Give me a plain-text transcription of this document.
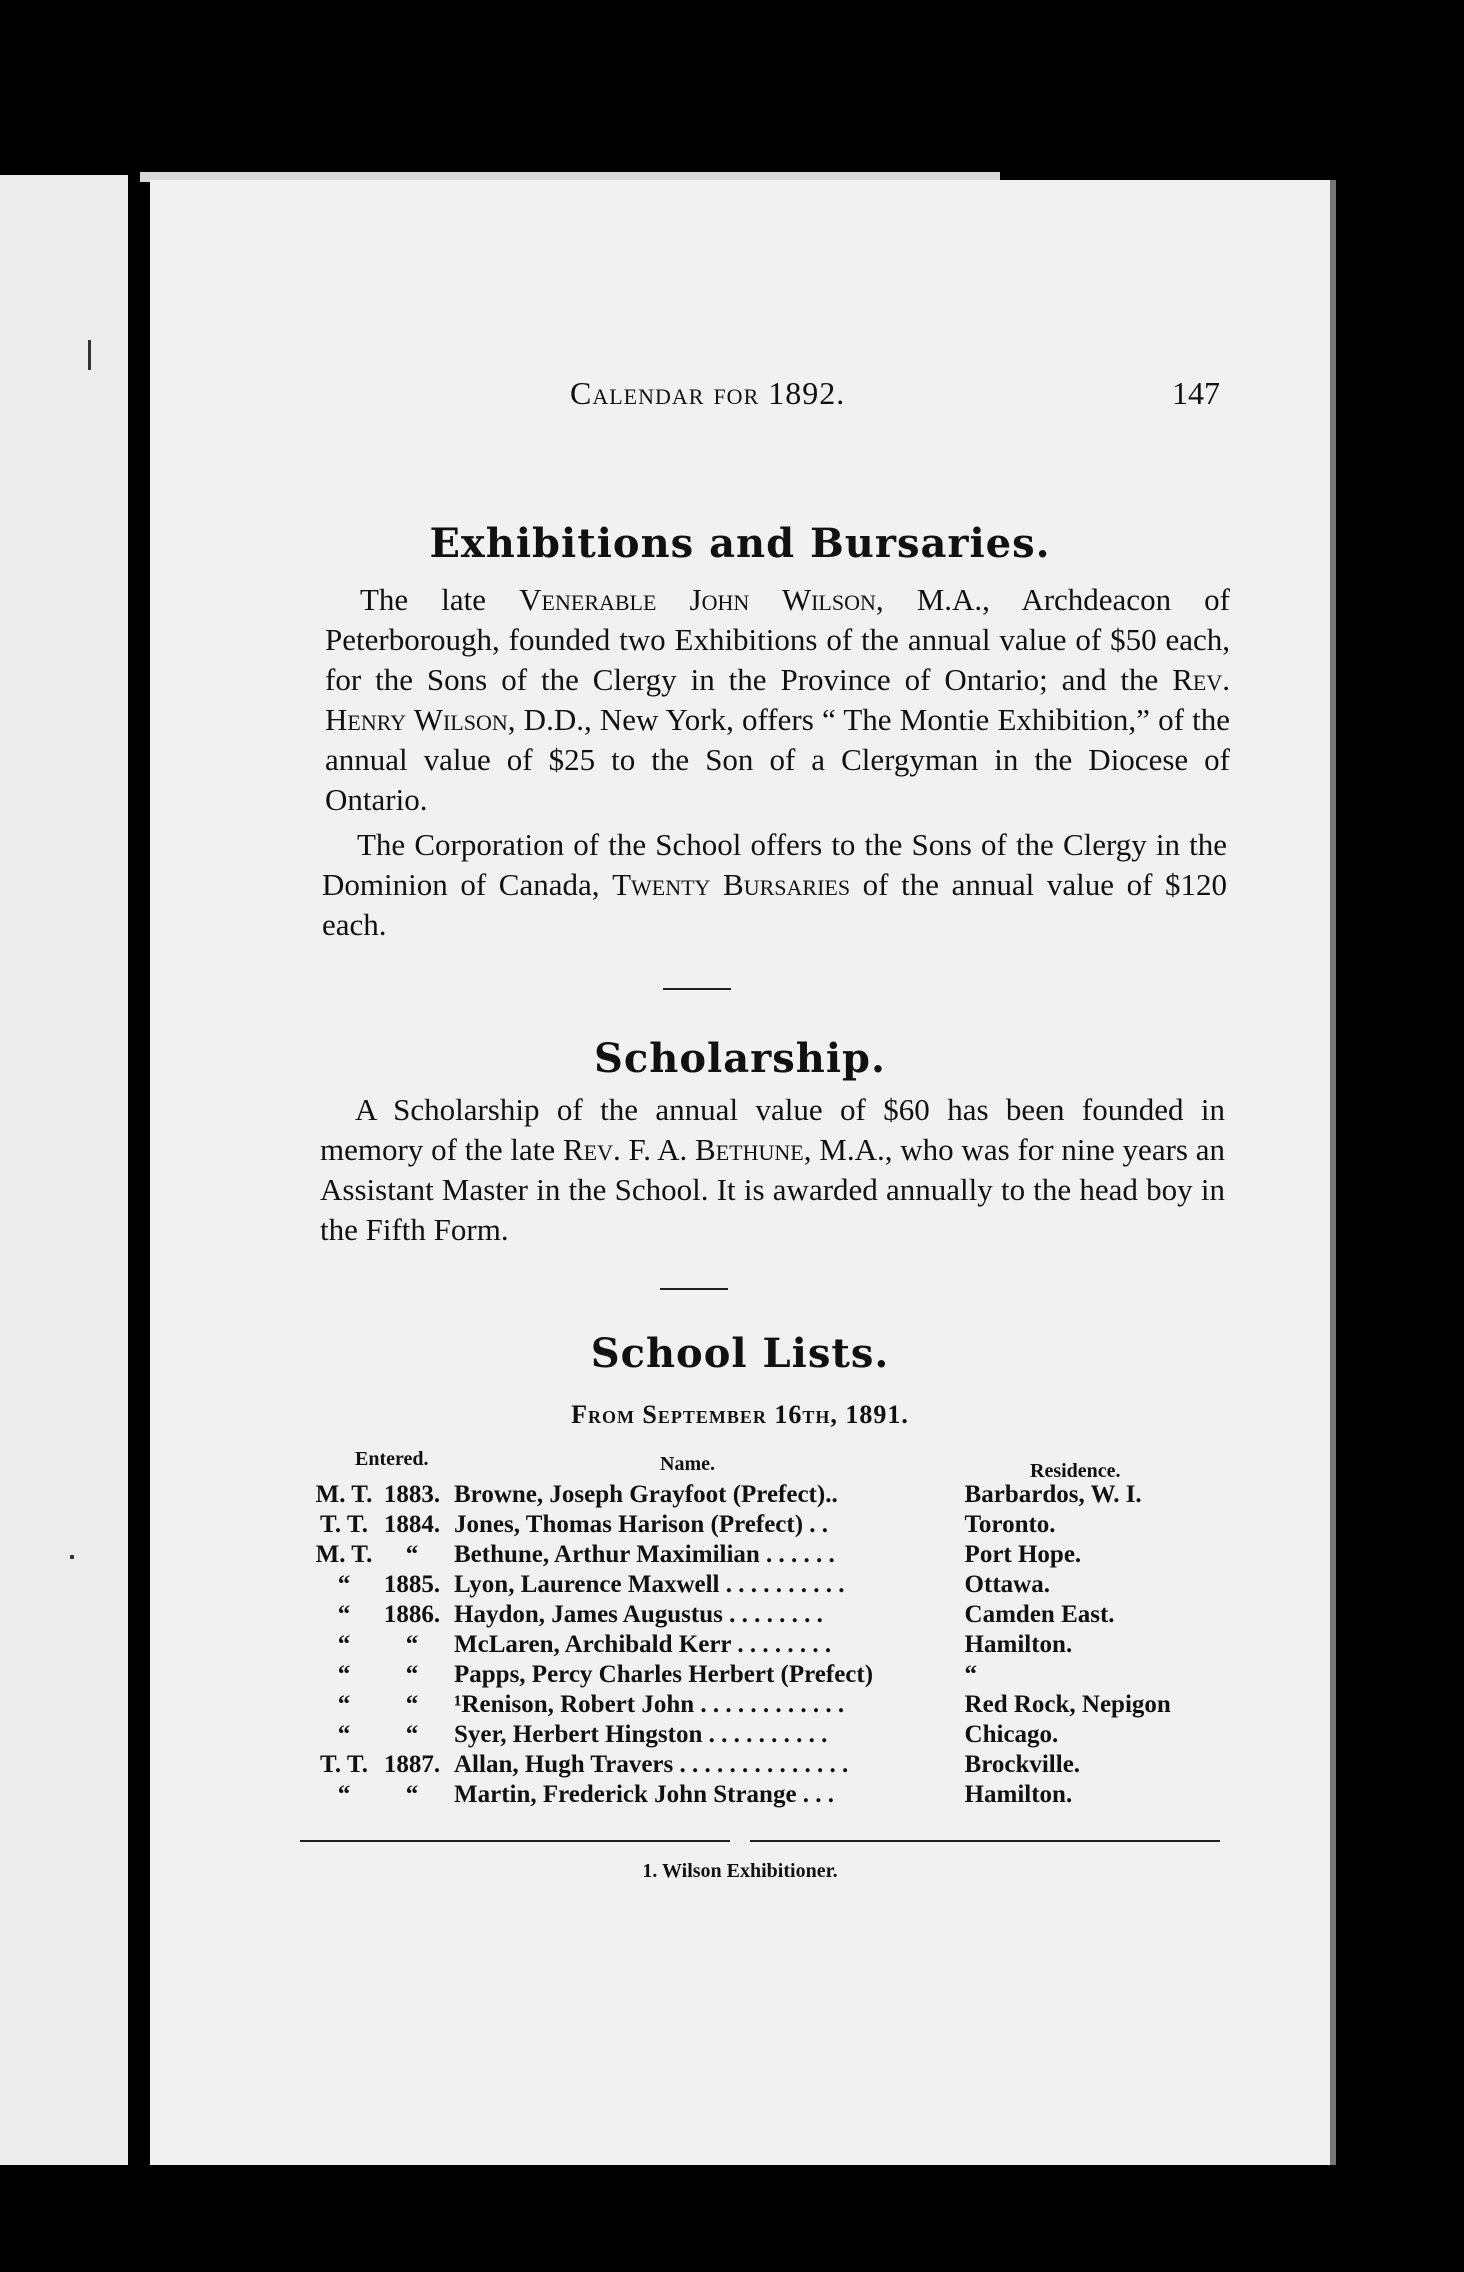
Calendar for 1892.	147
Exhibitions and Bursaries.

The late Venerable John Wilson, M.A., Archdeacon of Peterborough, founded two Exhibitions of the annual value of $50 each, for the Sons of the Clergy in the Province of Ontario; and the Rev. Henry Wilson, D.D., New York, offers “ The Montie Exhibition,” of the annual value of $25 to the Son of a Clergyman in the Diocese of Ontario.

The Corporation of the School offers to the Sons of the Clergy in the Dominion of Canada, Twenty Bursaries of the annual value of $120 each.

Scholarship.

A Scholarship of the annual value of $60 has been founded in memory of the late Rev. F. A. Bethune, M.A., who was for nine years an Assistant Master in the School. It is awarded annually to the head boy in the Fifth Form.

School Lists.
From September 16th, 1891.
Entered.	Name.	Residence.
M. T.	1883.	Browne, Joseph Grayfoot (Prefect)..	Barbardos, W. I.
T. T.	1884.	Jones, Thomas Harison (Prefect) . .	Toronto.
M. T.	“	Bethune, Arthur Maximilian . . . . . .	Port Hope.
“	1885.	Lyon, Laurence Maxwell . . . . . . . . . .	Ottawa.
“	1886.	Haydon, James Augustus . . . . . . . .	Camden East.
“	“	McLaren, Archibald Kerr . . . . . . . .	Hamilton.
“	“	Papps, Percy Charles Herbert (Prefect)	“
“	“	¹Renison, Robert John . . . . . . . . . . . .	Red Rock, Nepigon
“	“	Syer, Herbert Hingston . . . . . . . . . .	Chicago.
T. T.	1887.	Allan, Hugh Travers . . . . . . . . . . . . . .	Brockville.
“	“	Martin, Frederick John Strange . . .	Hamilton.
1. Wilson Exhibitioner.
